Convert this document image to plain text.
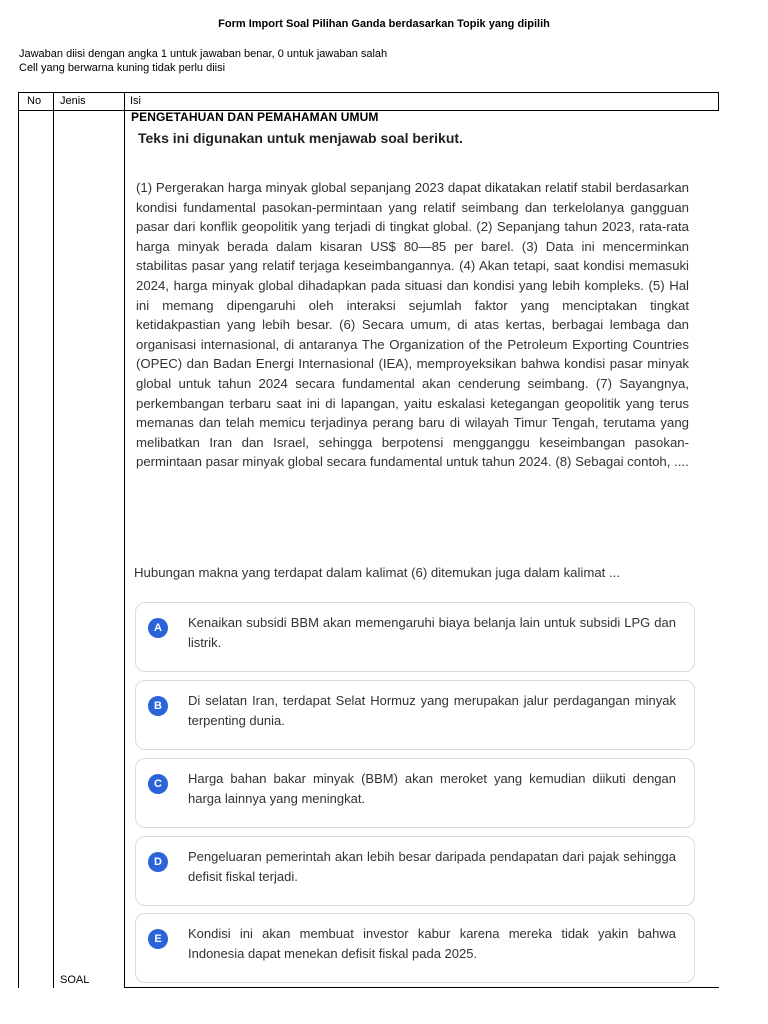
Form Import Soal Pilihan Ganda berdasarkan Topik yang dipilih
Jawaban diisi dengan angka 1 untuk jawaban benar, 0 untuk jawaban salah
Cell yang berwarna kuning tidak perlu diisi
No Jenis	Isi
SOAL
PENGETAHUAN DAN PEMAHAMAN UMUM
Teks ini digunakan untuk menjawab soal berikut.
(1) Pergerakan harga minyak global sepanjang 2023 dapat dikatakan relatif stabil berdasarkan kondisi fundamental pasokan-permintaan yang relatif seimbang dan terkelolanya gangguan pasar dari konflik geopolitik yang terjadi di tingkat global. (2) Sepanjang tahun 2023, rata-rata harga minyak berada dalam kisaran US$ 80—85 per barel. (3) Data ini mencerminkan stabilitas pasar yang relatif terjaga keseimbangannya. (4) Akan tetapi, saat kondisi memasuki 2024, harga minyak global dihadapkan pada situasi dan kondisi yang lebih kompleks. (5) Hal ini memang dipengaruhi oleh interaksi sejumlah faktor yang menciptakan tingkat ketidakpastian yang lebih besar. (6) Secara umum, di atas kertas, berbagai lembaga dan organisasi internasional, di antaranya The Organization of the Petroleum Exporting Countries (OPEC) dan Badan Energi Internasional (IEA), memproyeksikan bahwa kondisi pasar minyak global untuk tahun 2024 secara fundamental akan cenderung seimbang. (7) Sayangnya, perkembangan terbaru saat ini di lapangan, yaitu eskalasi ketegangan geopolitik yang terus memanas dan telah memicu terjadinya perang baru di wilayah Timur Tengah, terutama yang melibatkan Iran dan Israel, sehingga berpotensi mengganggu keseimbangan pasokan-permintaan pasar minyak global secara fundamental untuk tahun 2024. (8) Sebagai contoh, ....
Hubungan makna yang terdapat dalam kalimat (6) ditemukan juga dalam kalimat ...
A	Kenaikan subsidi BBM akan memengaruhi biaya belanja lain untuk subsidi LPG dan listrik.
B	Di selatan Iran, terdapat Selat Hormuz yang merupakan jalur perdagangan minyak terpenting dunia.
C	Harga bahan bakar minyak (BBM) akan meroket yang kemudian diikuti dengan harga lainnya yang meningkat.
D	Pengeluaran pemerintah akan lebih besar daripada pendapatan dari pajak sehingga defisit fiskal terjadi.
E	Kondisi ini akan membuat investor kabur karena mereka tidak yakin bahwa Indonesia dapat menekan defisit fiskal pada 2025.
